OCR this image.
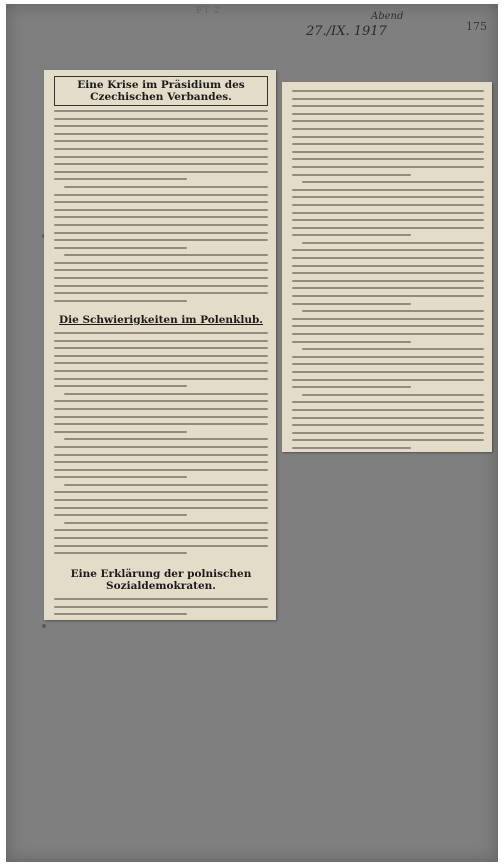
FT 2	Abend
27./IX. 1917	175

Eine Krise im Präsidium des Czechischen Verbandes.

Die Schwierigkeiten im Polenklub.

Eine Erklärung der polnischen Sozialdemokraten.
